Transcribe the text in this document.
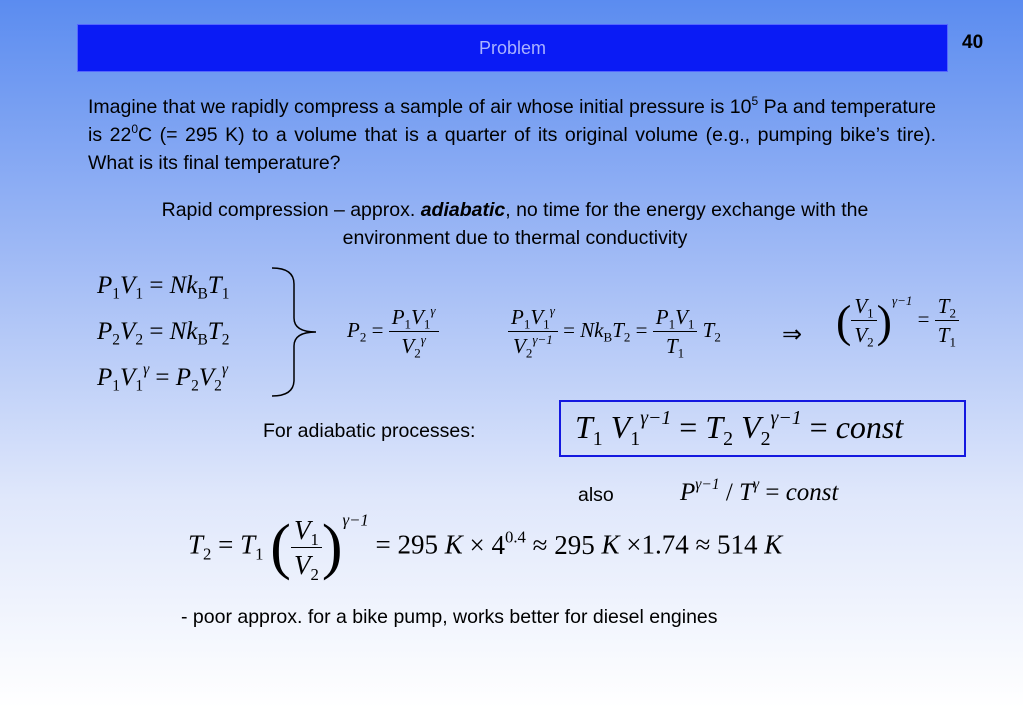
Problem	40
Imagine that we rapidly compress a sample of air whose initial pressure is $10^5$ Pa and temperature is $22^0C$ (= 295 K) to a volume that is a quarter of its original volume (e.g., pumping bike’s tire). What is its final temperature?
Rapid compression – approx. adiabatic, no time for the energy exchange with the environment due to thermal conductivity
$P_1V_1 = Nk_BT_1$
$P_2V_2 = Nk_BT_2$
$P_1V_1^\gamma = P_2V_2^\gamma$
$P_2 = \frac{P_1V_1^\gamma}{V_2^\gamma}$	$\frac{P_1V_1^\gamma}{V_2^{\gamma-1}} = Nk_BT_2 = \frac{P_1V_1}{T_1} T_2$	⇒ ( $\frac{V_1}{V_2} )^{\gamma-1} = \frac{T_2}{T_1}$
For adiabatic processes:	$T_1$ $V_1^{\gamma-1} = T_2$ $V_2^{\gamma-1}$ = const
also	$P^{\gamma-1} / T^\gamma$ = const
$T_2 = T_1$ ( $\frac{V_1}{V_2} )^{\gamma-1} = 295$ $K \times 4^{0.4} \approx 295$ K ×1.74 ≈ 514 K
- poor approx. for a bike pump, works better for diesel engines
